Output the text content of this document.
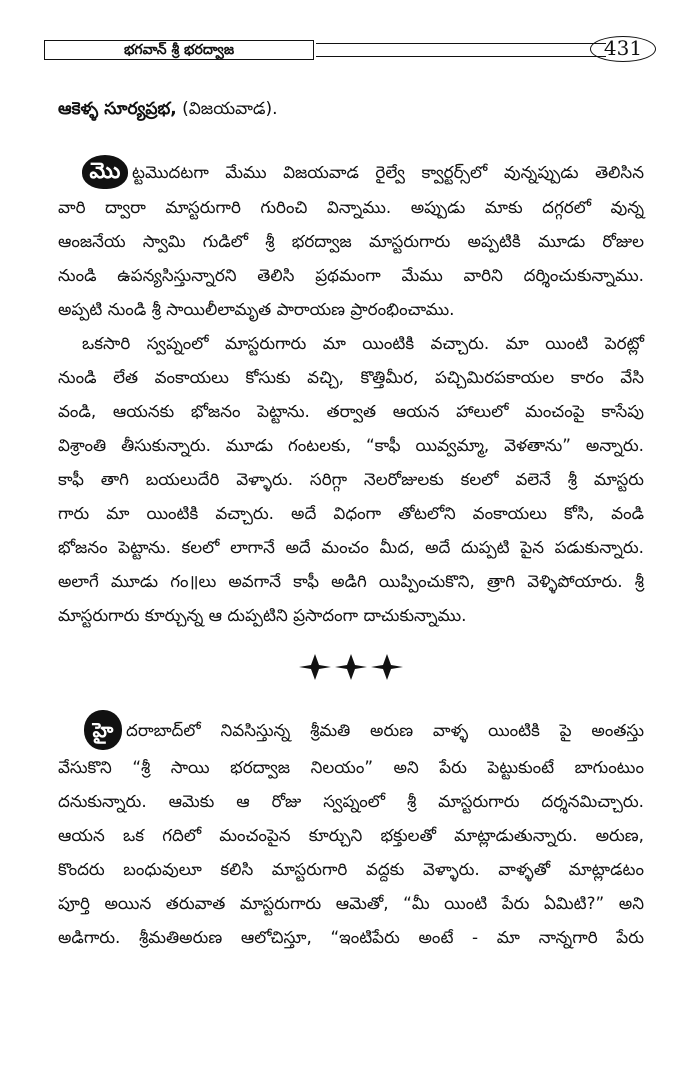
భగవాన్ శ్రీ భరద్వాజ	431
ఆకెళ్ళ సూర్యప్రభ, (విజయవాడ).
మొ ట్టమొదటగా మేము విజయవాడ రైల్వే క్వార్టర్స్‌లో వున్నప్పుడు తెలిసిన
వారి ద్వారా మాస్టరుగారి గురించి విన్నాము. అప్పుడు మాకు దగ్గరలో వున్న
ఆంజనేయ స్వామి గుడిలో శ్రీ భరద్వాజ మాస్టరుగారు అప్పటికి మూడు రోజుల
నుండి ఉపన్యసిస్తున్నారని తెలిసి ప్రథమంగా మేము వారిని దర్శించుకున్నాము.
అప్పటి నుండి శ్రీ సాయిలీలామృత పారాయణ ప్రారంభించాము.
ఒకసారి స్వప్నంలో మాస్టరుగారు మా యింటికి వచ్చారు. మా యింటి పెరట్లో
నుండి లేత వంకాయలు కోసుకు వచ్చి, కొత్తిమీర, పచ్చిమిరపకాయల కారం వేసి
వండి, ఆయనకు భోజనం పెట్టాను. తర్వాత ఆయన హాలులో మంచంపై కాసేపు
విశ్రాంతి తీసుకున్నారు. మూడు గంటలకు, “కాఫీ యివ్వమ్మా, వెళతాను” అన్నారు.
కాఫీ తాగి బయలుదేరి వెళ్ళారు. సరిగ్గా నెలరోజులకు కలలో వలెనే శ్రీ మాస్టరు
గారు మా యింటికి వచ్చారు. అదే విధంగా తోటలోని వంకాయలు కోసి, వండి
భోజనం పెట్టాను. కలలో లాగానే అదే మంచం మీద, అదే దుప్పటి పైన పడుకున్నారు.
అలాగే మూడు గం॥లు అవగానే కాఫీ అడిగి యిప్పించుకొని, త్రాగి వెళ్ళిపోయారు. శ్రీ
మాస్టరుగారు కూర్చున్న ఆ దుప్పటిని ప్రసాదంగా దాచుకున్నాము.
హై దరాబాద్‌లో నివసిస్తున్న శ్రీమతి అరుణ వాళ్ళ యింటికి పై అంతస్తు
వేసుకొని “శ్రీ సాయి భరద్వాజ నిలయం” అని పేరు పెట్టుకుంటే బాగుంటుం
దనుకున్నారు. ఆమెకు ఆ రోజు స్వప్నంలో శ్రీ మాస్టరుగారు దర్శనమిచ్చారు.
ఆయన ఒక గదిలో మంచంపైన కూర్చుని భక్తులతో మాట్లాడుతున్నారు. అరుణ,
కొందరు బంధువులూ కలిసి మాస్టరుగారి వద్దకు వెళ్ళారు. వాళ్ళతో మాట్లాడటం
పూర్తి అయిన తరువాత మాస్టరుగారు ఆమెతో, “మీ యింటి పేరు ఏమిటి?” అని
అడిగారు. శ్రీమతిఅరుణ ఆలోచిస్తూ, “ఇంటిపేరు అంటే - మా నాన్నగారి పేరు
